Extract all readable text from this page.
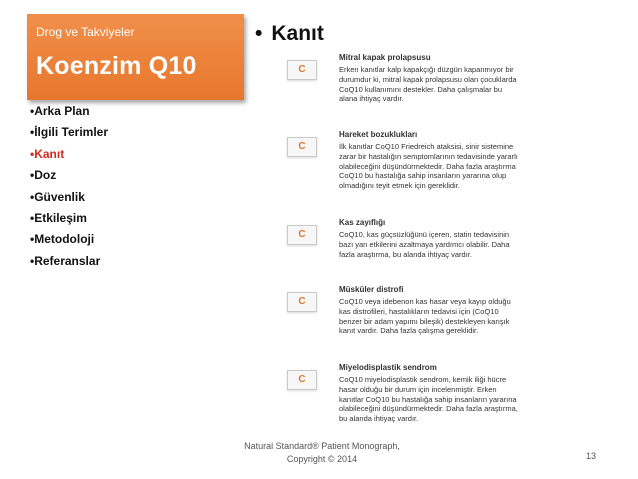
Drog ve Takviyeler
Koenzim Q10
•Arka Plan
•İlgili Terimler
•Kanıt
•Doz
•Güvenlik
•Etkileşim
•Metodoloji
•Referanslar
• Kanıt
C
Mitral kapak prolapsusu
Erken kanıtlar kalp kapakçığı düzgün kapanmıyor bir durumdur ki, mitral kapak prolapsusu olan çocuklarda CoQ10 kullanımını destekler. Daha çalışmalar bu alana ihtiyaç vardır.
C
Hareket bozuklukları
İlk kanıtlar CoQ10 Friedreich ataksisi, sinir sistemine zarar bir hastalığın semptomlarının tedavisinde yararlı olabileceğini düşündürmektedir. Daha fazla araştırma CoQ10 bu hastalığa sahip insanların yararına olup olmadığını teyit etmek için gereklidir.
C
Kas zayıflığı
CoQ10, kas güçsüzlüğünü içeren, statin tedavisinin bazı yan etkilerini azaltmaya yardımcı olabilir. Daha fazla araştırma, bu alanda ihtiyaç vardır.
C
Müsküler distrofi
CoQ10 veya idebenon kas hasar veya kayıp olduğu kas distrofileri, hastalıkların tedavisi için (CoQ10 benzer bir adam yapımı bileşik) destekleyen karışık kanıt vardır. Daha fazla çalışma gereklidir.
C
Miyelodisplastik sendrom
CoQ10 miyelodisplastik sendrom, kemik iliği hücre hasar olduğu bir durum için incelenmiştir. Erken kanıtlar CoQ10 bu hastalığa sahip insanların yararına olabileceğini düşündürmektedir. Daha fazla araştırma, bu alanda ihtiyaç vardır.
Natural Standard® Patient Monograph,
Copyright © 2014	13
